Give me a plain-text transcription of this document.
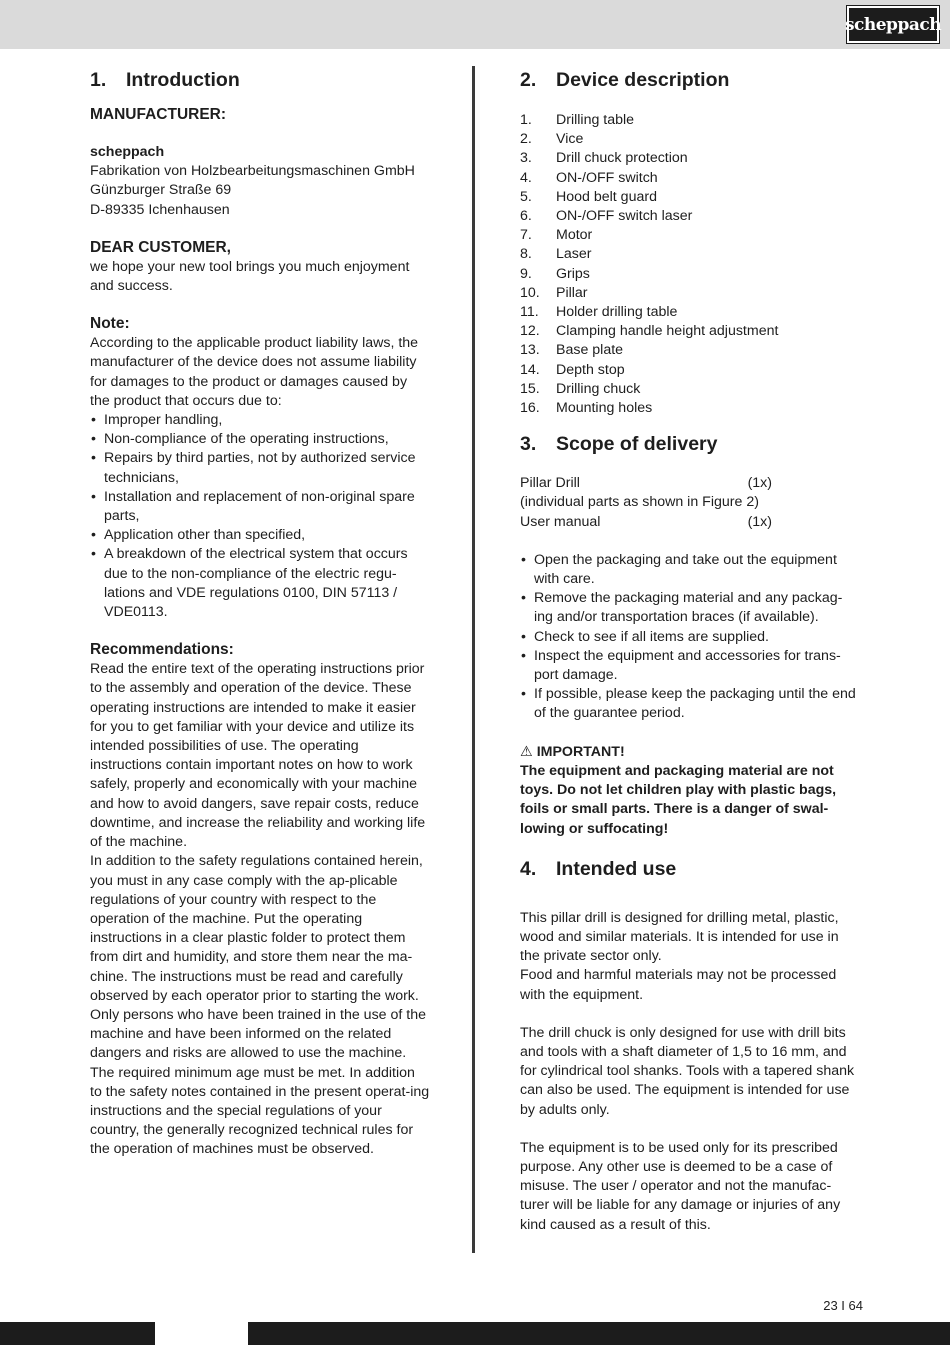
scheppach
1.	Introduction

MANUFACTURER:

scheppach

Fabrikation von Holzbearbeitungsmaschinen GmbH

Günzburger Straße 69

D-89335 Ichenhausen

DEAR CUSTOMER,

we hope your new tool brings you much enjoyment and success.

Note:

According to the applicable product liability laws, the manufacturer of the device does not assume liability for damages to the product or damages caused by the product that occurs due to:

• Improper handling,
• Non-compliance of the operating instructions,
• Repairs by third parties, not by authorized service technicians,
• Installation and replacement of non-original spare parts,
• Application other than specified,
• A breakdown of the electrical system that occurs due to the non-compliance of the electric regu-lations and VDE regulations 0100, DIN 57113 / VDE0113.

Recommendations:

Read the entire text of the operating instructions prior to the assembly and operation of the device. These operating instructions are intended to make it easier for you to get familiar with your device and utilize its intended possibilities of use. The operating instructions contain important notes on how to work safely, properly and economically with your machine and how to avoid dangers, save repair costs, reduce downtime, and increase the reliability and working life of the machine.

In addition to the safety regulations contained herein, you must in any case comply with the ap-plicable regulations of your country with respect to the operation of the machine. Put the operating instructions in a clear plastic folder to protect them from dirt and humidity, and store them near the ma-chine. The instructions must be read and carefully observed by each operator prior to starting the work. Only persons who have been trained in the use of the machine and have been informed on the related dangers and risks are allowed to use the machine. The required minimum age must be met. In addition to the safety notes contained in the present operat-ing instructions and the special regulations of your country, the generally recognized technical rules for the operation of machines must be observed.

2.	Device description
1.	Drilling table
2.	Vice
3.	Drill chuck protection
4.	ON-/OFF switch
5.	Hood belt guard
6.	ON-/OFF switch laser
7.	Motor
8.	Laser
9.	Grips
10.	Pillar
11.	Holder drilling table
12.	Clamping handle height adjustment
13.	Base plate
14.	Depth stop
15.	Drilling chuck
16.	Mounting holes
3.	Scope of delivery
Pillar Drill	(1x)

(individual parts as shown in Figure 2)

User manual	(1x)
• Open the packaging and take out the equipment with care.
• Remove the packaging material and any packag-ing and/or transportation braces (if available).
• Check to see if all items are supplied.
• Inspect the equipment and accessories for trans-port damage.
• If possible, please keep the packaging until the end of the guarantee period.

⚠ IMPORTANT!

The equipment and packaging material are not toys. Do not let children play with plastic bags, foils or small parts. There is a danger of swal-lowing or suffocating!

4.	Intended use

This pillar drill is designed for drilling metal, plastic, wood and similar materials. It is intended for use in the private sector only.

Food and harmful materials may not be processed with the equipment.

The drill chuck is only designed for use with drill bits and tools with a shaft diameter of 1,5 to 16 mm, and for cylindrical tool shanks. Tools with a tapered shank can also be used. The equipment is intended for use by adults only.

The equipment is to be used only for its prescribed purpose. Any other use is deemed to be a case of misuse. The user / operator and not the manufac-turer will be liable for any damage or injuries of any kind caused as a result of this.

23 I 64
